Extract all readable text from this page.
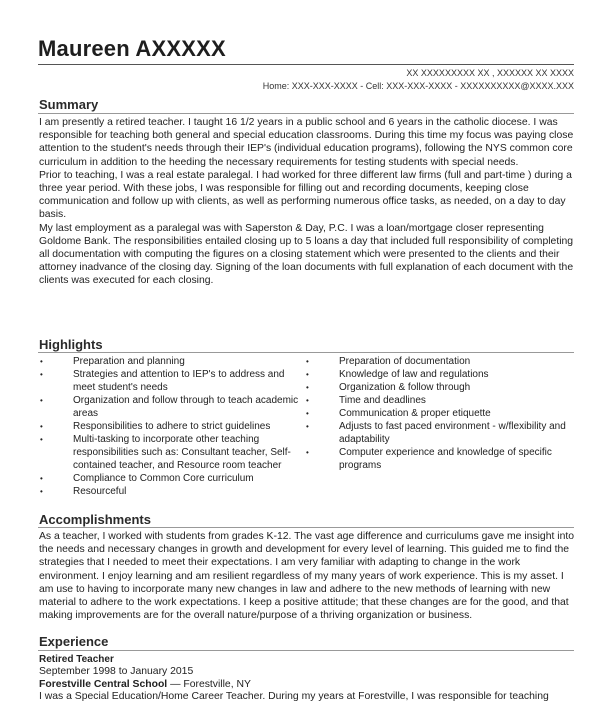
Maureen AXXXXX
XX XXXXXXXXX XX , XXXXXX XX XXXX
Home: XXX-XXX-XXXX - Cell: XXX-XXX-XXXX - XXXXXXXXXX@XXXX.XXX
Summary

I am presently a retired teacher. I taught 16 1/2 years in a public school and 6 years in the catholic diocese. I was responsible for teaching both general and special education classrooms. During this time my focus was paying close attention to the student's needs through their IEP's (individual education programs), following the NYS common core curriculum in addition to the heeding the necessary requirements for testing students with special needs.

Prior to teaching, I was a real estate paralegal. I had worked for three different law firms (full and part-time ) during a three year period. With these jobs, I was responsible for filling out and recording documents, keeping close communication and follow up with clients, as well as performing numerous office tasks, as needed, on a day to day basis.

My last employment as a paralegal was with Saperston & Day, P.C. I was a loan/mortgage closer representing Goldome Bank. The responsibilities entailed closing up to 5 loans a day that included full responsibility of completing all documentation with computing the figures on a closing statement which were presented to the clients and their attorney inadvance of the closing day. Signing of the loan documents with full explanation of each document with the clients was executed for each closing.

Highlights
• Preparation and planning
• Strategies and attention to IEP's to address and meet student's needs
• Organization and follow through to teach academic areas
• Responsibilities to adhere to strict guidelines
• Multi-tasking to incorporate other teaching responsibilities such as: Consultant teacher, Self-contained teacher, and Resource room teacher
• Compliance to Common Core curriculum
• Resourceful
• Preparation of documentation
• Knowledge of law and regulations
• Organization & follow through
• Time and deadlines
• Communication & proper etiquette
• Adjusts to fast paced environment - w/flexibility and adaptability
• Computer experience and knowledge of specific programs
Accomplishments

As a teacher, I worked with students from grades K-12. The vast age difference and curriculums gave me insight into the needs and necessary changes in growth and development for every level of learning. This guided me to find the strategies that I needed to meet their expectations. I am very familiar with adapting to change in the work environment. I enjoy learning and am resilient regardless of my many years of work experience. This is my asset. I am use to having to incorporate many new changes in law and adhere to the new methods of learning with new material to adhere to the work expectations. I keep a positive attitude; that these changes are for the good, and that making improvements are for the overall nature/purpose of a thriving organization or business.

Experience
Retired Teacher
September 1998 to January 2015
Forestville Central School — Forestville, NY
I was a Special Education/Home Career Teacher. During my years at Forestville, I was responsible for teaching
